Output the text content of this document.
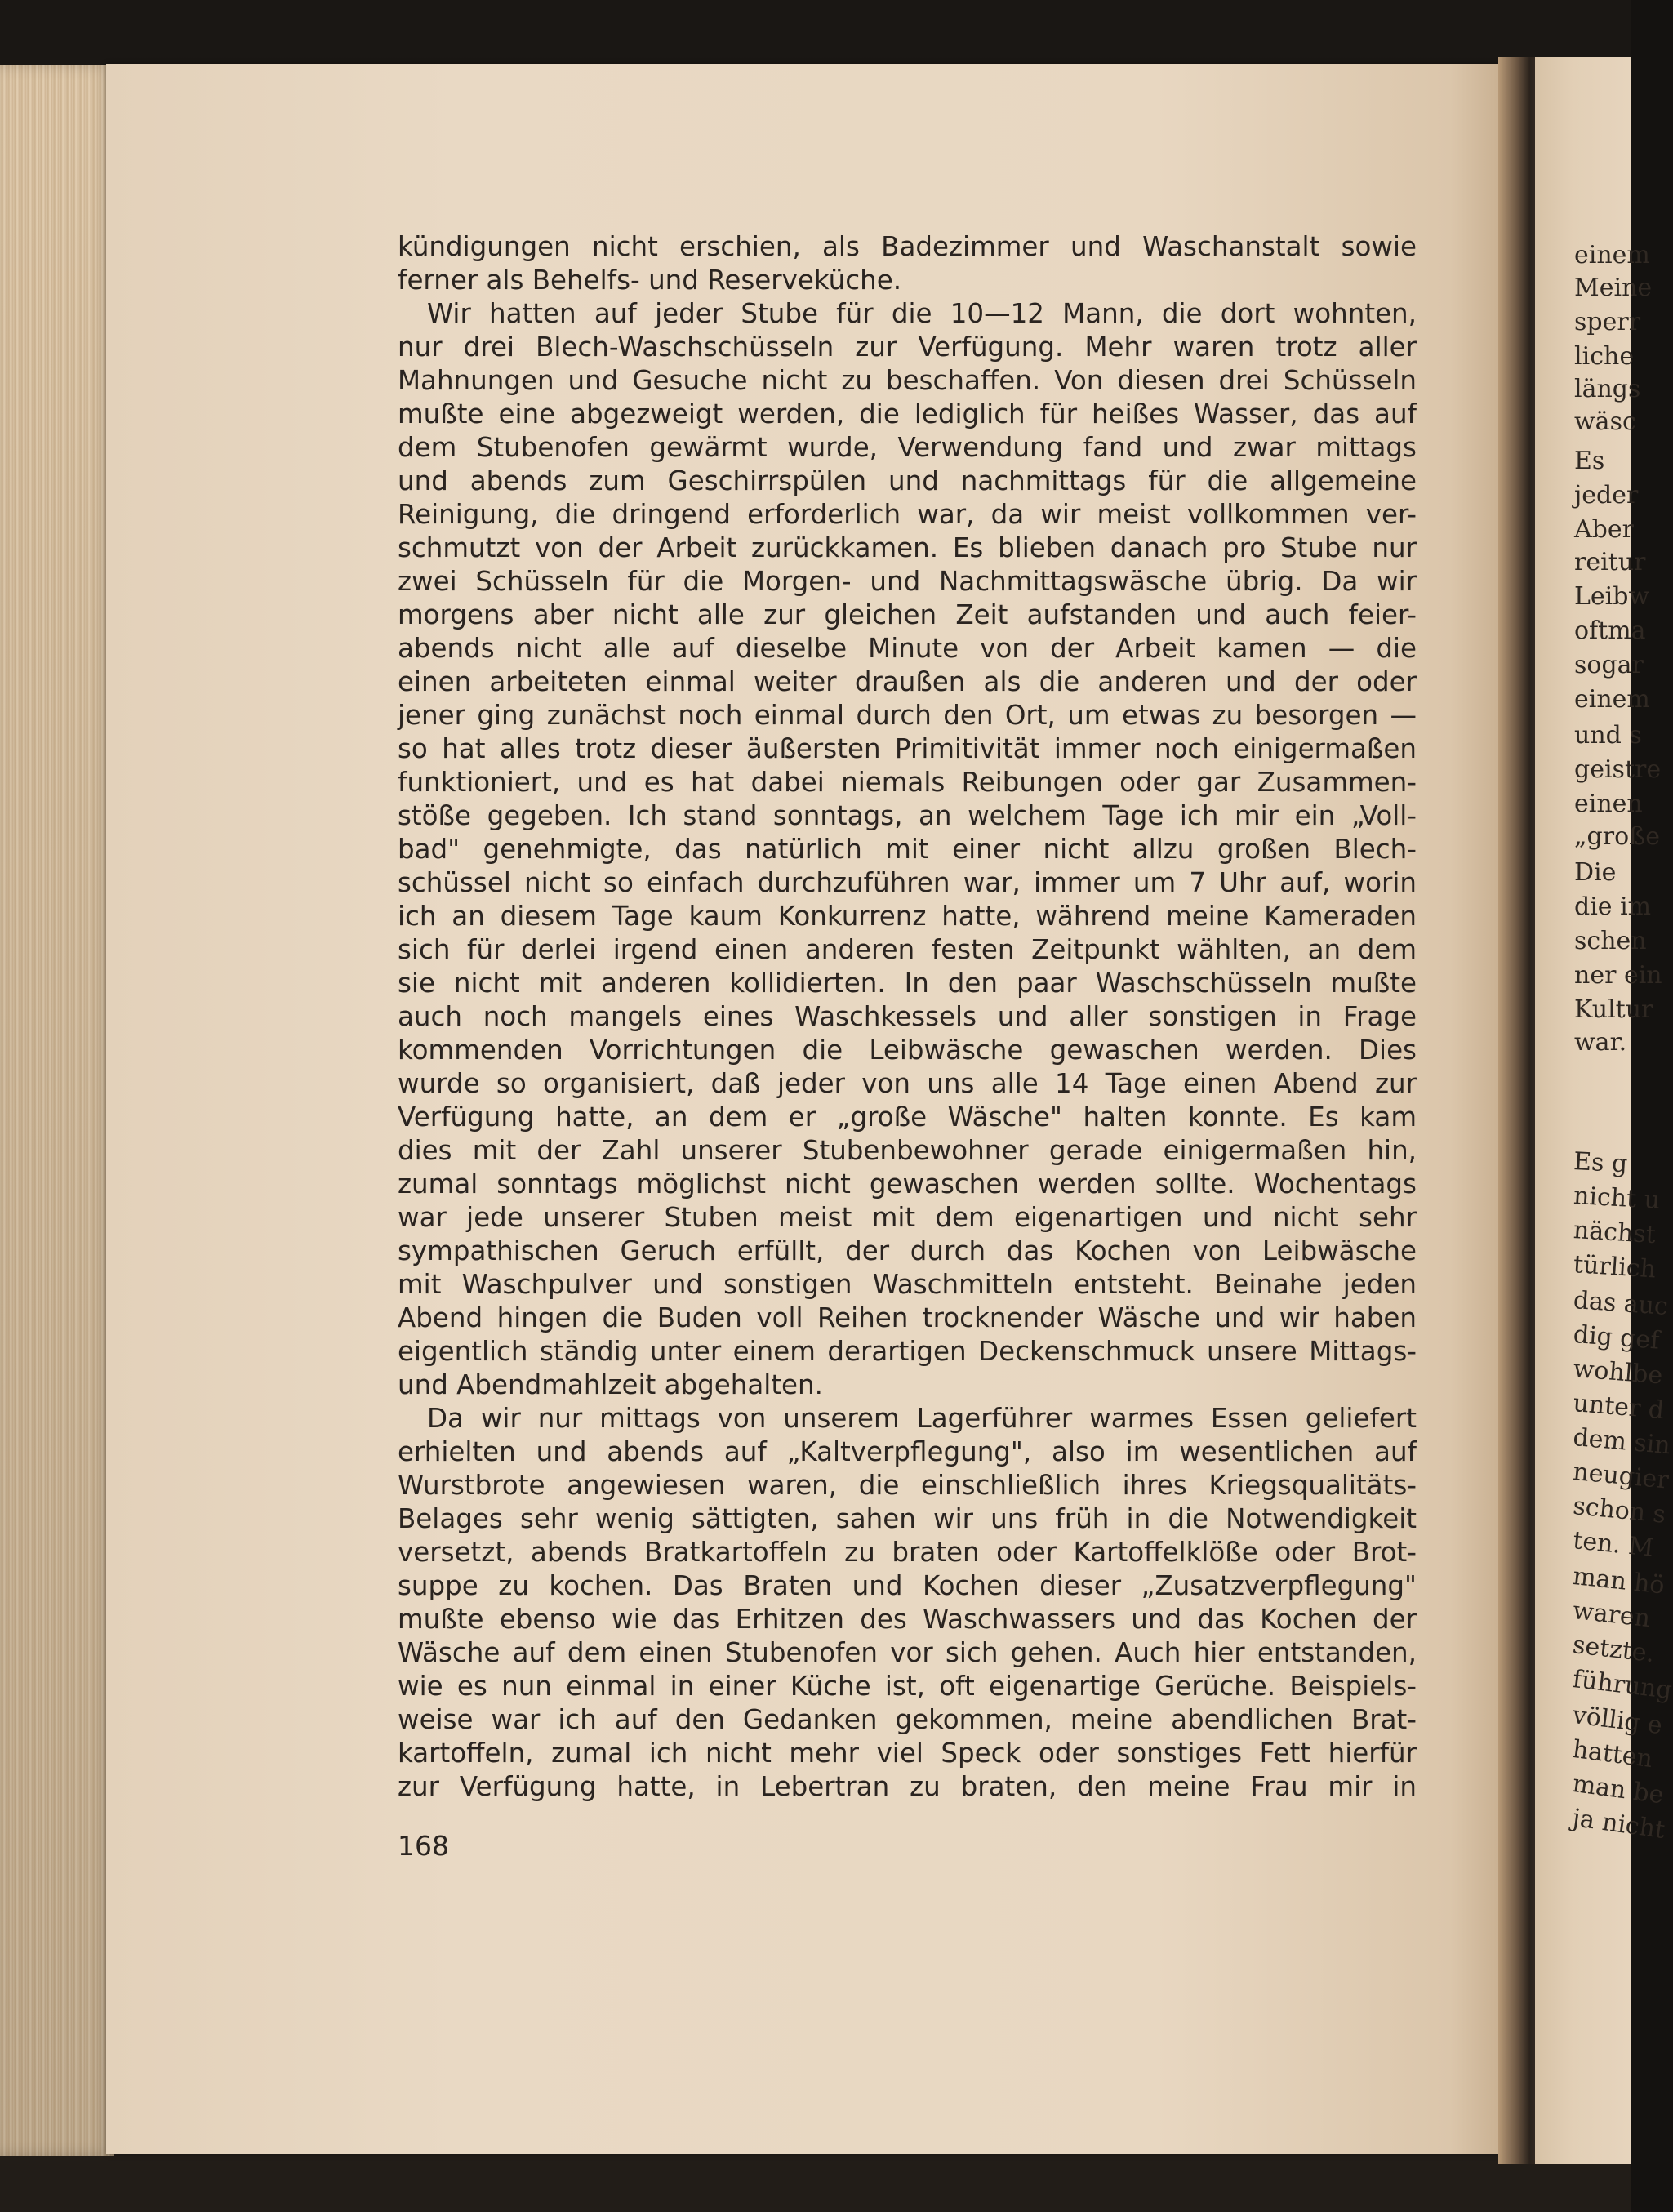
kündigungen nicht erschien, als Badezimmer und Waschanstalt sowie
ferner als Behelfs- und Reserveküche.
Wir hatten auf jeder Stube für die 10—12 Mann, die dort wohnten,
nur drei Blech-Waschschüsseln zur Verfügung. Mehr waren trotz aller
Mahnungen und Gesuche nicht zu beschaffen. Von diesen drei Schüsseln
mußte eine abgezweigt werden, die lediglich für heißes Wasser, das auf
dem Stubenofen gewärmt wurde, Verwendung fand und zwar mittags
und abends zum Geschirrspülen und nachmittags für die allgemeine
Reinigung, die dringend erforderlich war, da wir meist vollkommen ver-
schmutzt von der Arbeit zurückkamen. Es blieben danach pro Stube nur
zwei Schüsseln für die Morgen- und Nachmittagswäsche übrig. Da wir
morgens aber nicht alle zur gleichen Zeit aufstanden und auch feier-
abends nicht alle auf dieselbe Minute von der Arbeit kamen — die
einen arbeiteten einmal weiter draußen als die anderen und der oder
jener ging zunächst noch einmal durch den Ort, um etwas zu besorgen —
so hat alles trotz dieser äußersten Primitivität immer noch einigermaßen
funktioniert, und es hat dabei niemals Reibungen oder gar Zusammen-
stöße gegeben. Ich stand sonntags, an welchem Tage ich mir ein „Voll-
bad" genehmigte, das natürlich mit einer nicht allzu großen Blech-
schüssel nicht so einfach durchzuführen war, immer um 7 Uhr auf, worin
ich an diesem Tage kaum Konkurrenz hatte, während meine Kameraden
sich für derlei irgend einen anderen festen Zeitpunkt wählten, an dem
sie nicht mit anderen kollidierten. In den paar Waschschüsseln mußte
auch noch mangels eines Waschkessels und aller sonstigen in Frage
kommenden Vorrichtungen die Leibwäsche gewaschen werden. Dies
wurde so organisiert, daß jeder von uns alle 14 Tage einen Abend zur
Verfügung hatte, an dem er „große Wäsche" halten konnte. Es kam
dies mit der Zahl unserer Stubenbewohner gerade einigermaßen hin,
zumal sonntags möglichst nicht gewaschen werden sollte. Wochentags
war jede unserer Stuben meist mit dem eigenartigen und nicht sehr
sympathischen Geruch erfüllt, der durch das Kochen von Leibwäsche
mit Waschpulver und sonstigen Waschmitteln entsteht. Beinahe jeden
Abend hingen die Buden voll Reihen trocknender Wäsche und wir haben
eigentlich ständig unter einem derartigen Deckenschmuck unsere Mittags-
und Abendmahlzeit abgehalten.
Da wir nur mittags von unserem Lagerführer warmes Essen geliefert
erhielten und abends auf „Kaltverpflegung", also im wesentlichen auf
Wurstbrote angewiesen waren, die einschließlich ihres Kriegsqualitäts-
Belages sehr wenig sättigten, sahen wir uns früh in die Notwendigkeit
versetzt, abends Bratkartoffeln zu braten oder Kartoffelklöße oder Brot-
suppe zu kochen. Das Braten und Kochen dieser „Zusatzverpflegung"
mußte ebenso wie das Erhitzen des Waschwassers und das Kochen der
Wäsche auf dem einen Stubenofen vor sich gehen. Auch hier entstanden,
wie es nun einmal in einer Küche ist, oft eigenartige Gerüche. Beispiels-
weise war ich auf den Gedanken gekommen, meine abendlichen Brat-
kartoffeln, zumal ich nicht mehr viel Speck oder sonstiges Fett hierfür
zur Verfügung hatte, in Lebertran zu braten, den meine Frau mir in
168
einem
Meine
sperr
liche
längs
wäsc
Es
jeder
Aber
reitur
Leibw
oftma
sogar
einem
und s
geistre
einen
„große
Die
die im
schen
ner ein
Kultur
war.
Es g
nicht u
nächst
türlich
das auc
dig gef
wohlbe
unter d
dem sin
neugier
schon s
ten. M
man hö
waren
setzte.
führung
völlig e
hatten
man be
ja nicht
